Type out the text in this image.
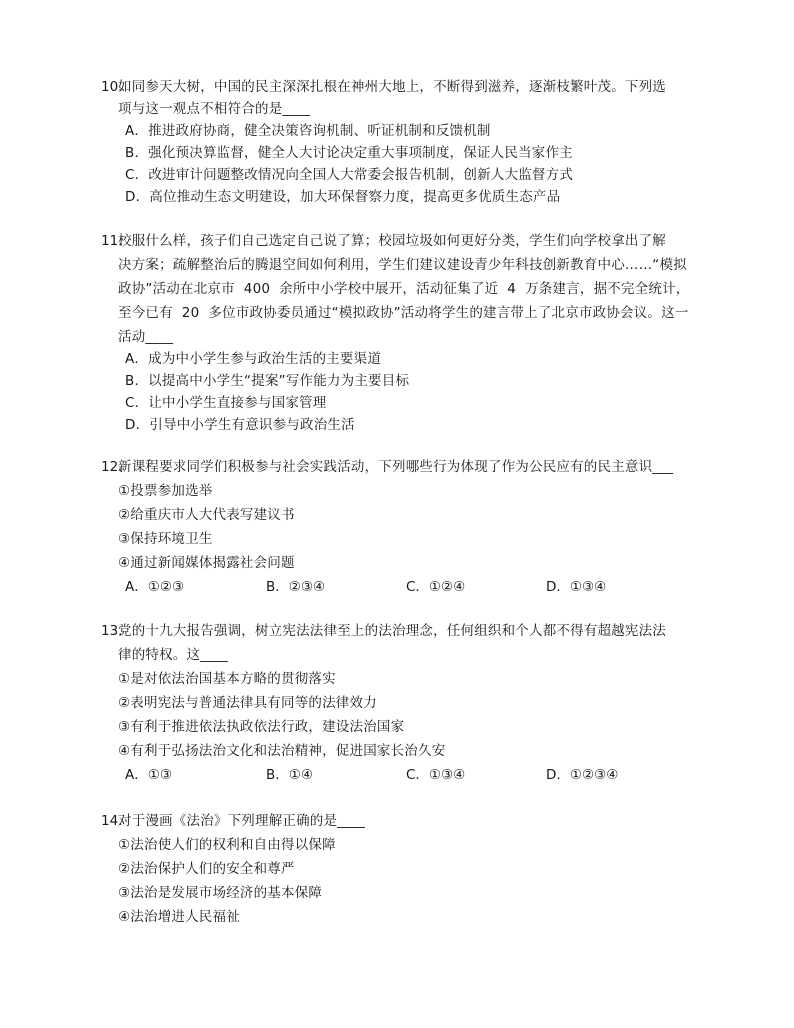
10.
如同参天大树，中国的民主深深扎根在神州大地上，不断得到滋养，逐渐枝繁叶茂。下列选
项与这一观点不相符合的是____
A．推进政府协商，健全决策咨询机制、听证机制和反馈机制
B．强化预决算监督，健全人大讨论决定重大事项制度，保证人民当家作主
C．改进审计问题整改情况向全国人大常委会报告机制，创新人大监督方式
D．高位推动生态文明建设，加大环保督察力度，提高更多优质生态产品
11.
校服什么样，孩子们自己选定自己说了算；校园垃圾如何更好分类，学生们向学校拿出了解
决方案；疏解整治后的腾退空间如何利用，学生们建议建设青少年科技创新教育中心……“模拟
政协”活动在北京市  400  余所中小学校中展开，活动征集了近  4  万条建言，据不完全统计，
至今已有  20  多位市政协委员通过“模拟政协”活动将学生的建言带上了北京市政协会议。这一
活动____
A．成为中小学生参与政治生活的主要渠道
B．以提高中小学生“提案”写作能力为主要目标
C．让中小学生直接参与国家管理
D．引导中小学生有意识参与政治生活
12.
新课程要求同学们积极参与社会实践活动，下列哪些行为体现了作为公民应有的民主意识___
①投票参加选举
②给重庆市人大代表写建议书
③保持环境卫生
④通过新闻媒体揭露社会问题
A．①②③	B．②③④	C．①②④	D．①③④
13.
党的十九大报告强调，树立宪法法律至上的法治理念，任何组织和个人都不得有超越宪法法
律的特权。这____
①是对依法治国基本方略的贯彻落实
②表明宪法与普通法律具有同等的法律效力
③有利于推进依法执政依法行政，建设法治国家
④有利于弘扬法治文化和法治精神，促进国家长治久安
A．①③	B．①④	C．①③④	D．①②③④
14.
对于漫画《法治》下列理解正确的是____
①法治使人们的权利和自由得以保障
②法治保护人们的安全和尊严
③法治是发展市场经济的基本保障
④法治增进人民福祉
